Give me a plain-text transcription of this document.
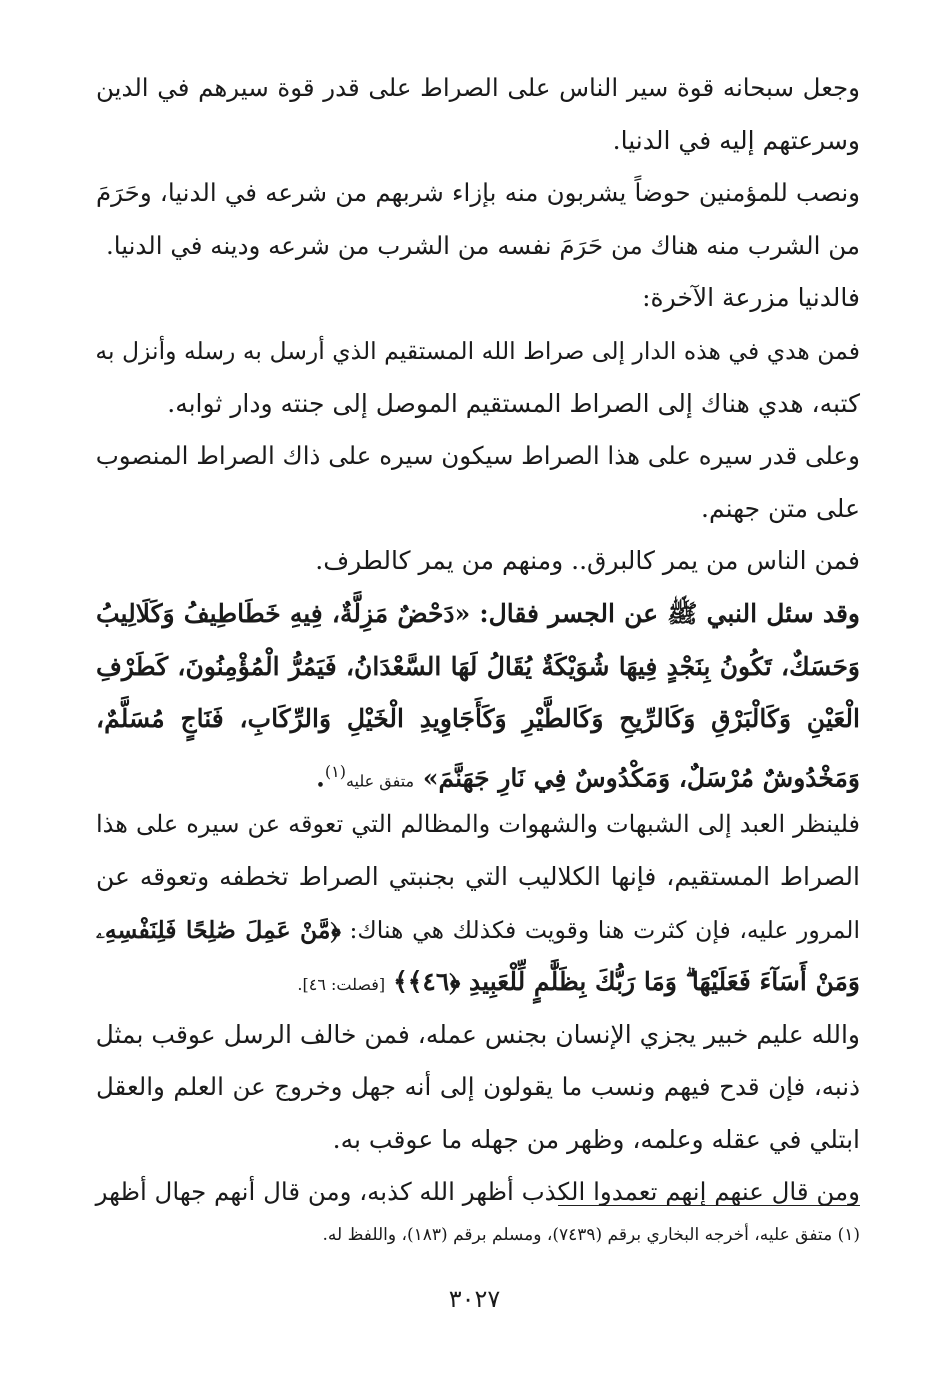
وجعل سبحانه قوة سير الناس على الصراط على قدر قوة سيرهم في الدين
وسرعتهم إليه في الدنيا.
ونصب للمؤمنين حوضاً يشربون منه بإزاء شربهم من شرعه في الدنيا، وحَرَمَ
من الشرب منه هناك من حَرَمَ نفسه من الشرب من شرعه ودينه في الدنيا.
فالدنيا مزرعة الآخرة:
فمن هدي في هذه الدار إلى صراط الله المستقيم الذي أرسل به رسله وأنزل به
كتبه، هدي هناك إلى الصراط المستقيم الموصل إلى جنته ودار ثوابه.
وعلى قدر سيره على هذا الصراط سيكون سيره على ذاك الصراط المنصوب
على متن جهنم.
فمن الناس من يمر كالبرق.. ومنهم من يمر كالطرف.
وقد سئل النبي ﷺ عن الجسر فقال: «دَحْضٌ مَزِلَّةٌ، فِيهِ خَطَاطِيفُ وَكَلَالِيبُ
وَحَسَكٌ، تَكُونُ بِنَجْدٍ فِيهَا شُوَيْكَةٌ يُقَالُ لَهَا السَّعْدَانُ، فَيَمُرُّ الْمُؤْمِنُونَ، كَطَرْفِ
الْعَيْنِ وَكَالْبَرْقِ وَكَالرِّيحِ وَكَالطَّيْرِ وَكَأَجَاوِيدِ الْخَيْلِ وَالرِّكَابِ، فَنَاجٍ مُسَلَّمٌ،
وَمَخْدُوشٌ مُرْسَلٌ، وَمَكْدُوسٌ فِي نَارِ جَهَنَّمَ» متفق عليه$^{(١)}$.
فلينظر العبد إلى الشبهات والشهوات والمظالم التي تعوقه عن سيره على هذا
الصراط المستقيم، فإنها الكلاليب التي بجنبتي الصراط تخطفه وتعوقه عن
المرور عليه، فإن كثرت هنا وقويت فكذلك هي هناك: ﴿مَّنْ عَمِلَ صَٰلِحًا فَلِنَفْسِهِۦ
وَمَنْ أَسَآءَ فَعَلَيْهَا ۗ وَمَا رَبُّكَ بِظَلَّٰمٍ لِّلْعَبِيدِ ﴿٤٦﴾﴾ [فصلت: ٤٦].
والله عليم خبير يجزي الإنسان بجنس عمله، فمن خالف الرسل عوقب بمثل
ذنبه، فإن قدح فيهم ونسب ما يقولون إلى أنه جهل وخروج عن العلم والعقل
ابتلي في عقله وعلمه، وظهر من جهله ما عوقب به.
ومن قال عنهم إنهم تعمدوا الكذب أظهر الله كذبه، ومن قال أنهم جهال أظهر
(١) متفق عليه، أخرجه البخاري برقم (٧٤٣٩)، ومسلم برقم (١٨٣)، واللفظ له.
٣٠٢٧
